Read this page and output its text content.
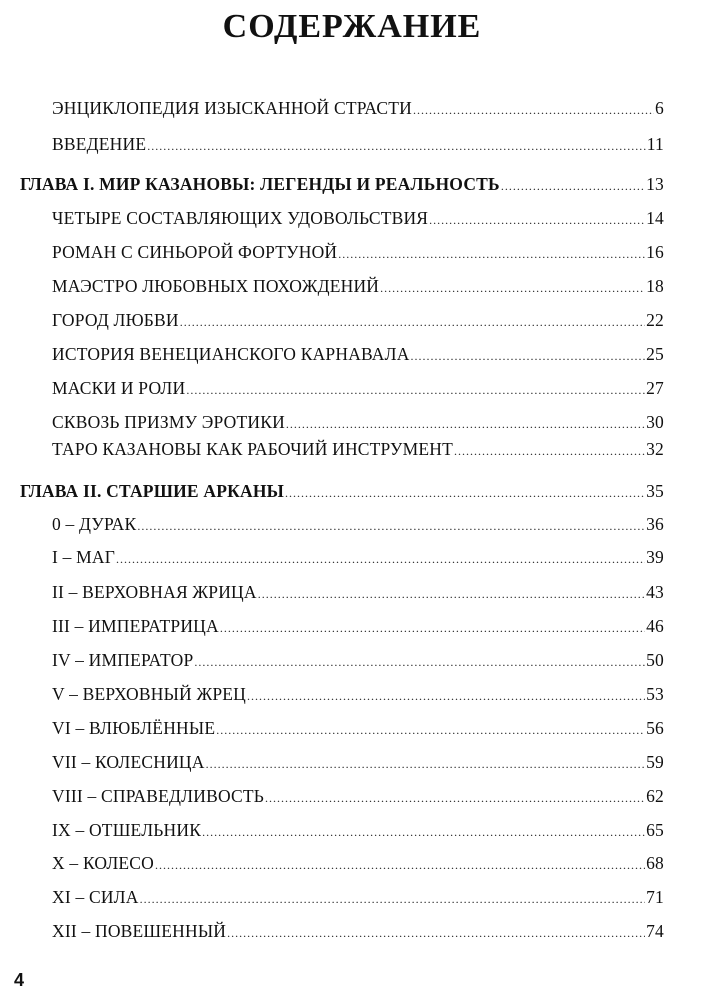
СОДЕРЖАНИЕ
ЭНЦИКЛОПЕДИЯ ИЗЫСКАННОЙ СТРАСТИ .....	6
ВВЕДЕНИЕ .....	11
ГЛАВА I. МИР КАЗАНОВЫ: ЛЕГЕНДЫ И РЕАЛЬНОСТЬ .....	13
ЧЕТЫРЕ СОСТАВЛЯЮЩИХ УДОВОЛЬСТВИЯ .....	14
РОМАН С СИНЬОРОЙ ФОРТУНОЙ .....	16
МАЭСТРО ЛЮБОВНЫХ ПОХОЖДЕНИЙ .....	18
ГОРОД ЛЮБВИ .....	22
ИСТОРИЯ ВЕНЕЦИАНСКОГО КАРНАВАЛА .....	25
МАСКИ И РОЛИ .....	27
СКВОЗЬ ПРИЗМУ ЭРОТИКИ .....	30
ТАРО КАЗАНОВЫ КАК РАБОЧИЙ ИНСТРУМЕНТ .....	32
ГЛАВА II. СТАРШИЕ АРКАНЫ .....	35
0 – ДУРАК .....	36
I – МАГ .....	39
II – ВЕРХОВНАЯ ЖРИЦА .....	43
III – ИМПЕРАТРИЦА .....	46
IV – ИМПЕРАТОР .....	50
V – ВЕРХОВНЫЙ ЖРЕЦ .....	53
VI – ВЛЮБЛЁННЫЕ .....	56
VII – КОЛЕСНИЦА .....	59
VIII – СПРАВЕДЛИВОСТЬ .....	62
IX – ОТШЕЛЬНИК .....	65
X – КОЛЕСО .....	68
XI – СИЛА .....	71
XII – ПОВЕШЕННЫЙ .....	74
4
